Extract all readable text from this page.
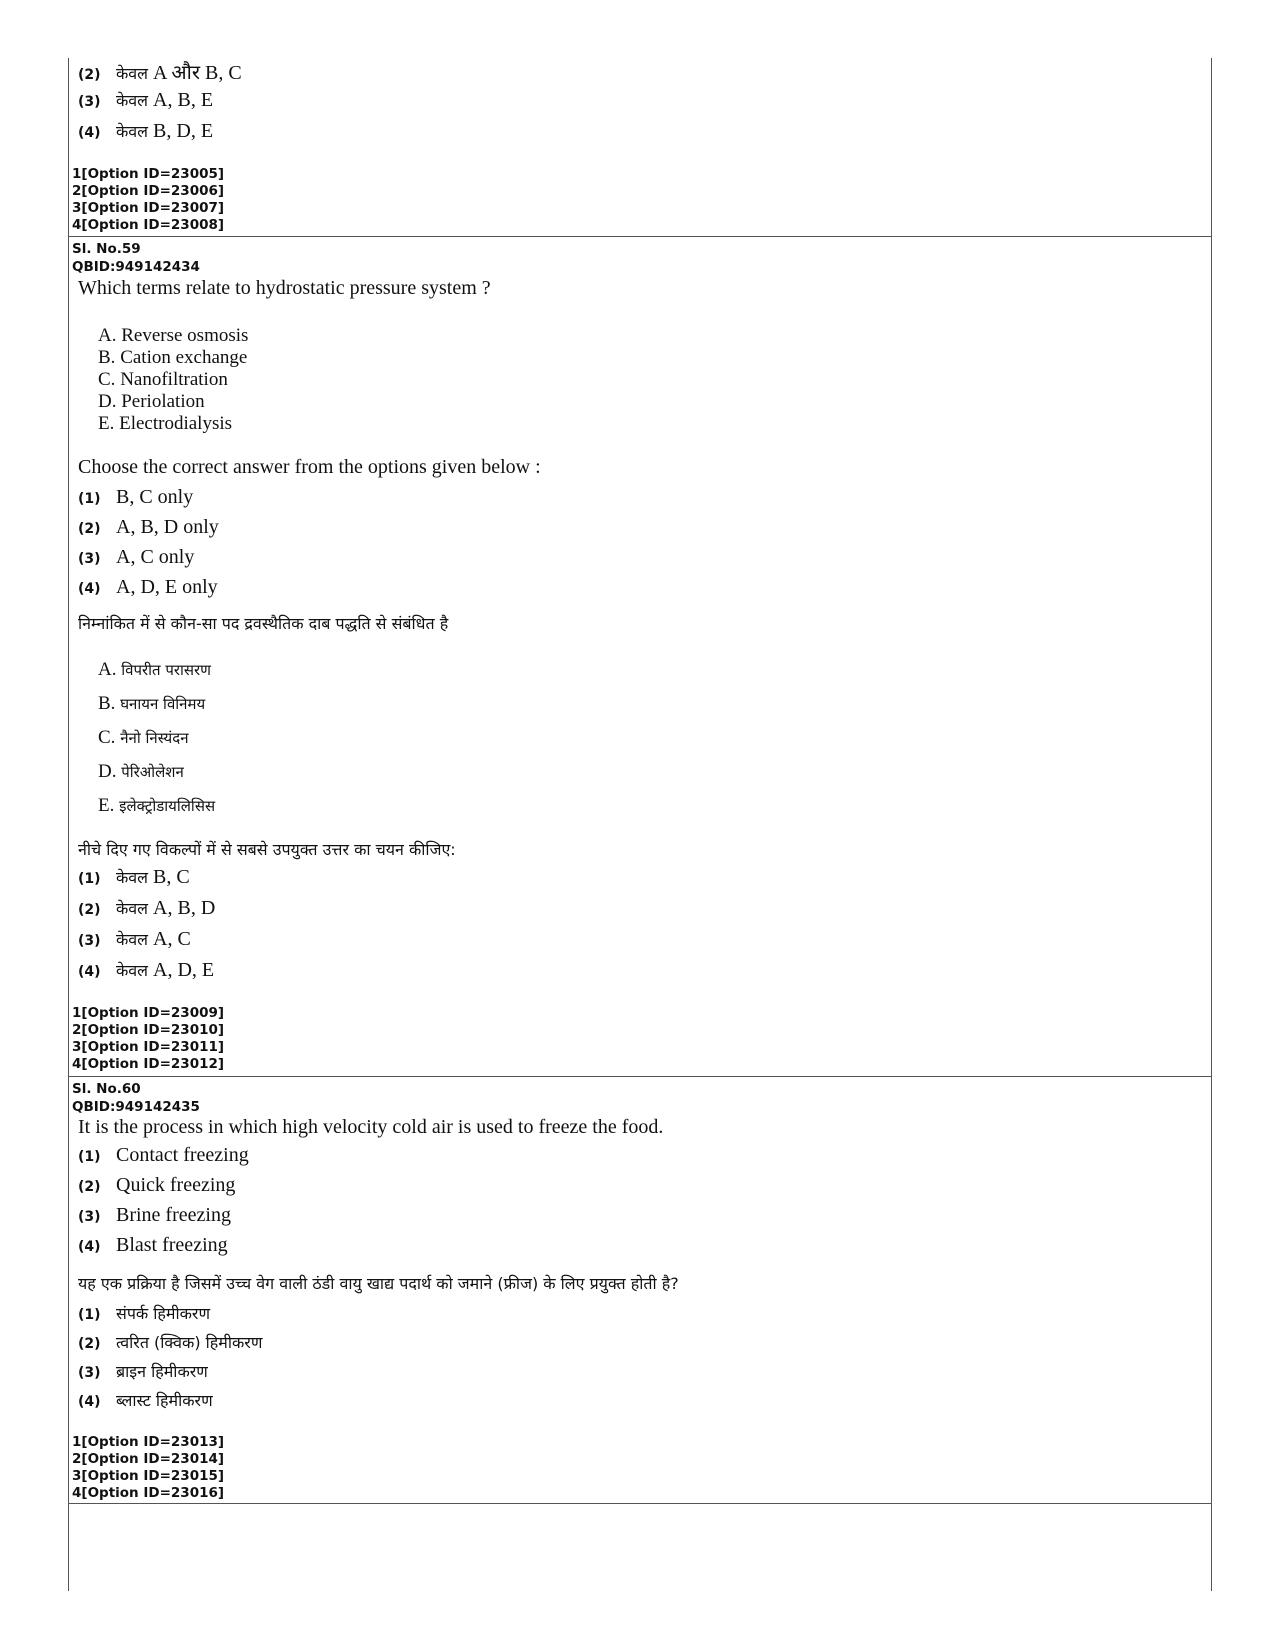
(2) केवल A और B, C
(3) केवल A, B, E
(4) केवल B, D, E
1[Option ID=23005]
2[Option ID=23006]
3[Option ID=23007]
4[Option ID=23008]
Sl. No.59
QBID:949142434
Which terms relate to hydrostatic pressure system ?
A. Reverse osmosis
B. Cation exchange
C. Nanofiltration
D. Periolation
E. Electrodialysis
Choose the correct answer from the options given below :
(1) B, C only
(2) A, B, D only
(3) A, C only
(4) A, D, E only
निम्नांकित में से कौन-सा पद द्रवस्थैतिक दाब पद्धति से संबंधित है
A. विपरीत परासरण
B. घनायन विनिमय
C. नैनो निस्यंदन
D. पेरिओलेशन
E. इलेक्ट्रोडायलिसिस
नीचे दिए गए विकल्पों में से सबसे उपयुक्त उत्तर का चयन कीजिए:
(1) केवल B, C
(2) केवल A, B, D
(3) केवल A, C
(4) केवल A, D, E
1[Option ID=23009]
2[Option ID=23010]
3[Option ID=23011]
4[Option ID=23012]
Sl. No.60
QBID:949142435
It is the process in which high velocity cold air is used to freeze the food.
(1) Contact freezing
(2) Quick freezing
(3) Brine freezing
(4) Blast freezing
यह एक प्रक्रिया है जिसमें उच्च वेग वाली ठंडी वायु खाद्य पदार्थ को जमाने (फ्रीज) के लिए प्रयुक्त होती है?
(1) संपर्क हिमीकरण
(2) त्वरित (क्विक) हिमीकरण
(3) ब्राइन हिमीकरण
(4) ब्लास्ट हिमीकरण
1[Option ID=23013]
2[Option ID=23014]
3[Option ID=23015]
4[Option ID=23016]
